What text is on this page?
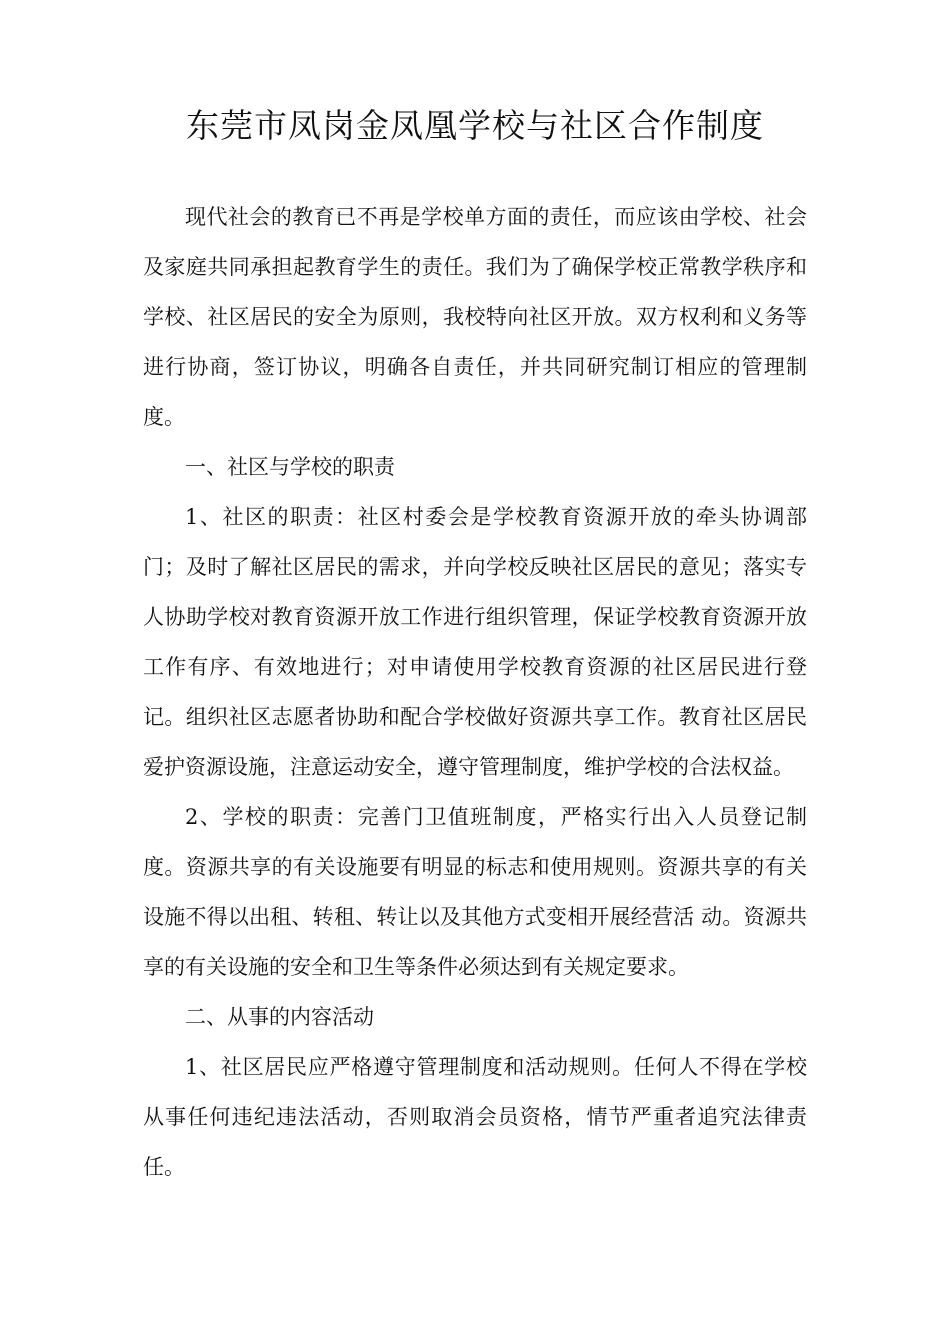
东莞市凤岗金凤凰学校与社区合作制度

现代社会的教育已不再是学校单方面的责任，而应该由学校、社会及家庭共同承担起教育学生的责任。我们为了确保学校正常教学秩序和学校、社区居民的安全为原则，我校特向社区开放。双方权利和义务等进行协商，签订协议，明确各自责任，并共同研究制订相应的管理制度。

一、社区与学校的职责

1、社区的职责：社区村委会是学校教育资源开放的牵头协调部门；及时了解社区居民的需求，并向学校反映社区居民的意见；落实专人协助学校对教育资源开放工作进行组织管理，保证学校教育资源开放工作有序、有效地进行；对申请使用学校教育资源的社区居民进行登记。组织社区志愿者协助和配合学校做好资源共享工作。教育社区居民爱护资源设施，注意运动安全，遵守管理制度，维护学校的合法权益。

2、学校的职责：完善门卫值班制度，严格实行出入人员登记制度。资源共享的有关设施要有明显的标志和使用规则。资源共享的有关设施不得以出租、转租、转让以及其他方式变相开展经营活 动。资源共享的有关设施的安全和卫生等条件必须达到有关规定要求。

二、从事的内容活动

1、社区居民应严格遵守管理制度和活动规则。任何人不得在学校从事任何违纪违法活动，否则取消会员资格，情节严重者追究法律责任。
